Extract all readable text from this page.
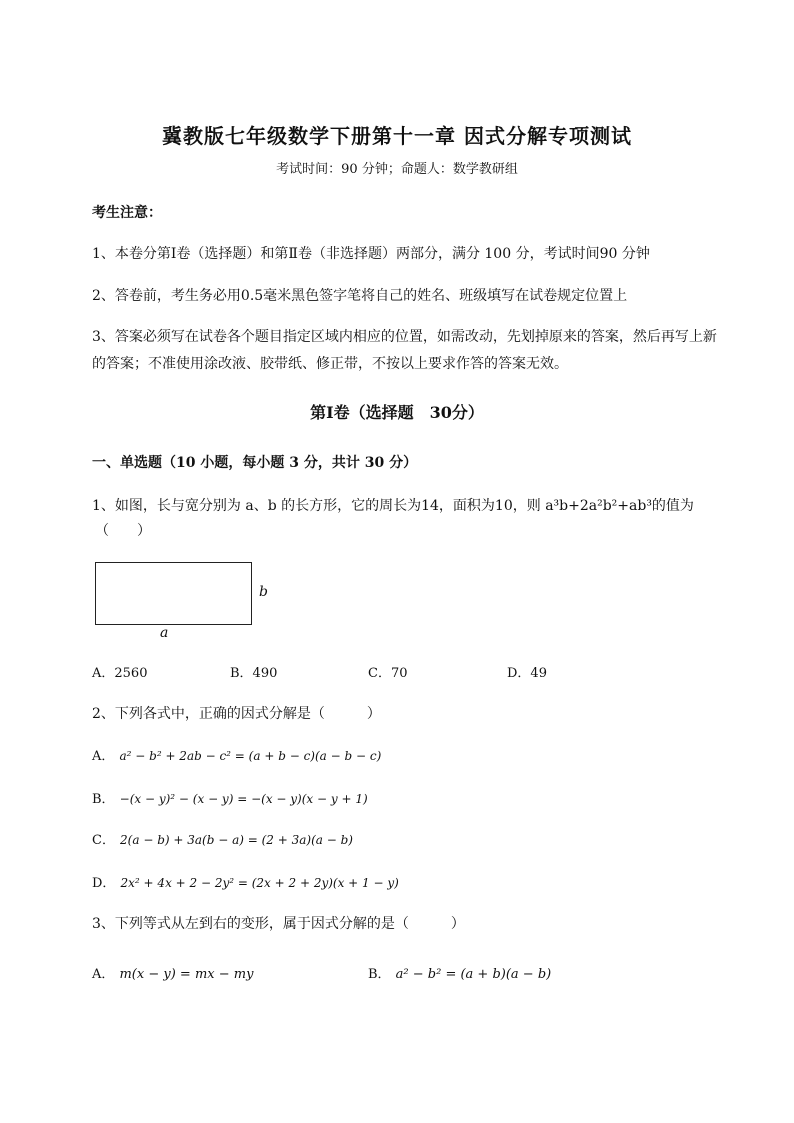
冀教版七年级数学下册第十一章 因式分解专项测试
考试时间：90 分钟；命题人：数学教研组
考生注意：
1、本卷分第Ⅰ卷（选择题）和第Ⅱ卷（非选择题）两部分，满分 100 分，考试时间90 分钟
2、答卷前，考生务必用0.5毫米黑色签字笔将自己的姓名、班级填写在试卷规定位置上
3、答案必须写在试卷各个题目指定区域内相应的位置，如需改动，先划掉原来的答案，然后再写上新
的答案；不准使用涂改液、胶带纸、修正带，不按以上要求作答的答案无效。
第Ⅰ卷（选择题　30分）
一、单选题（10 小题，每小题 3 分，共计 30 分）
1、如图，长与宽分别为 a、b 的长方形，它的周长为14，面积为10，则 a³b+2a²b²+ab³的值为
（　　）
b
a
A．2560	B．490	C．70	D．49
2、下列各式中，正确的因式分解是（　　　）
A． a² − b² + 2ab − c² = (a + b − c)(a − b − c)
B． −(x − y)² − (x − y) = −(x − y)(x − y + 1)
C． 2(a − b) + 3a(b − a) = (2 + 3a)(a − b)
D． 2x² + 4x + 2 − 2y² = (2x + 2 + 2y)(x + 1 − y)
3、下列等式从左到右的变形，属于因式分解的是（　　　）
A． m(x − y) = mx − my	B． a² − b² = (a + b)(a − b)
